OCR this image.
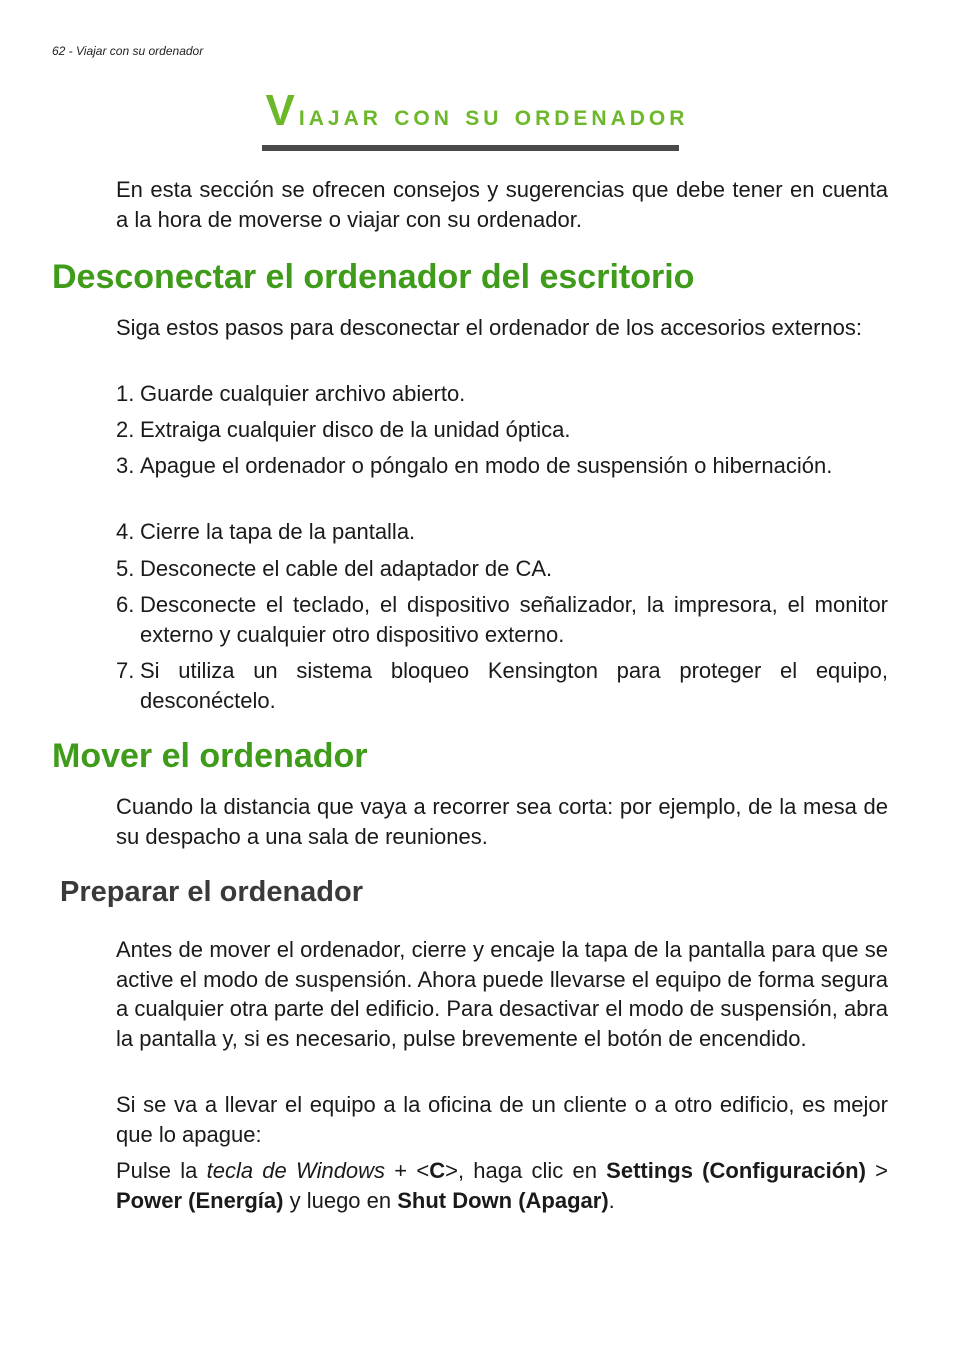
62 - Viajar con su ordenador
Viajar con su ordenador

En esta sección se ofrecen consejos y sugerencias que debe tener en cuenta a la hora de moverse o viajar con su ordenador.

Desconectar el ordenador del escritorio

Siga estos pasos para desconectar el ordenador de los accesorios externos:

1. Guarde cualquier archivo abierto.
2. Extraiga cualquier disco de la unidad óptica.
3. Apague el ordenador o póngalo en modo de suspensión o hibernación.
4. Cierre la tapa de la pantalla.
5. Desconecte el cable del adaptador de CA.
6. Desconecte el teclado, el dispositivo señalizador, la impresora, el monitor externo y cualquier otro dispositivo externo.
7. Si utiliza un sistema bloqueo Kensington para proteger el equipo, desconéctelo.
Mover el ordenador

Cuando la distancia que vaya a recorrer sea corta: por ejemplo, de la mesa de su despacho a una sala de reuniones.

Preparar el ordenador

Antes de mover el ordenador, cierre y encaje la tapa de la pantalla para que se active el modo de suspensión. Ahora puede llevarse el equipo de forma segura a cualquier otra parte del edificio. Para desactivar el modo de suspensión, abra la pantalla y, si es necesario, pulse brevemente el botón de encendido.

Si se va a llevar el equipo a la oficina de un cliente o a otro edificio, es mejor que lo apague:

Pulse la tecla de Windows + <C>, haga clic en Settings (Configuración) > Power (Energía) y luego en Shut Down (Apagar).
